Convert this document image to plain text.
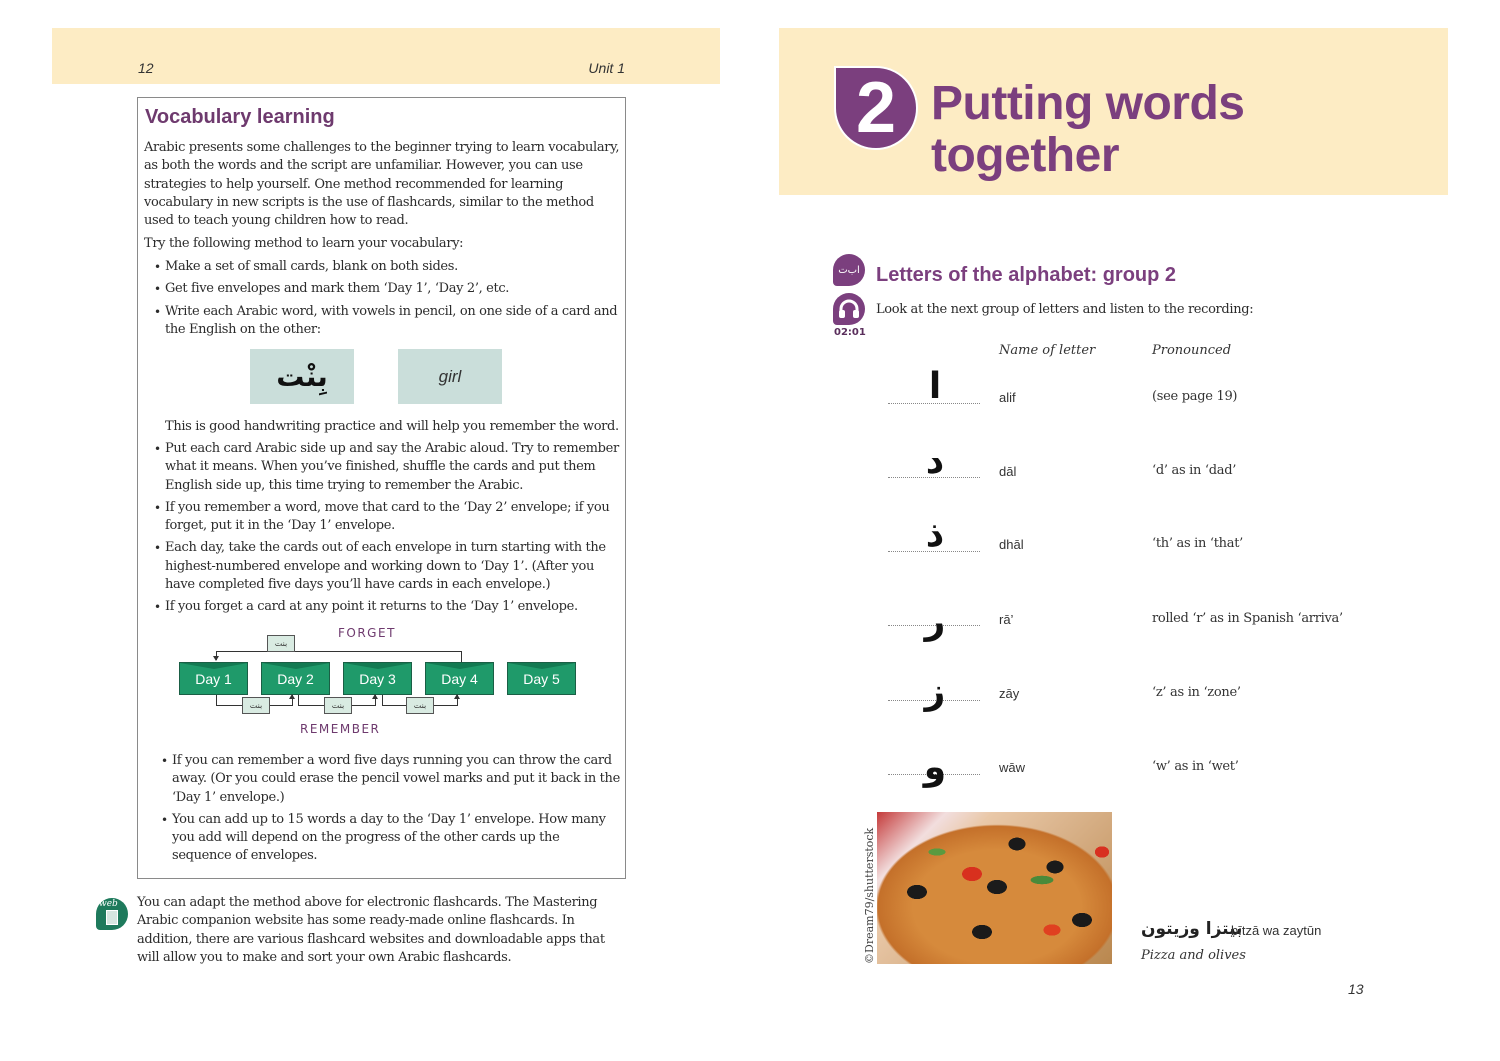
12	Unit 1
Vocabulary learning
Arabic presents some challenges to the beginner trying to learn vocabulary, as both the words and the script are unfamiliar. However, you can use strategies to help yourself. One method recommended for learning vocabulary in new scripts is the use of flashcards, similar to the method used to teach young children how to read.
Try the following method to learn your vocabulary:
• Make a set of small cards, blank on both sides.
• Get five envelopes and mark them ‘Day 1’, ‘Day 2’, etc.
• Write each Arabic word, with vowels in pencil, on one side of a card and the English on the other:
بِنْت	girl
This is good handwriting practice and will help you remember the word.
• Put each card Arabic side up and say the Arabic aloud. Try to remember what it means. When you’ve finished, shuffle the cards and put them English side up, this time trying to remember the Arabic.
• If you remember a word, move that card to the ‘Day 2’ envelope; if you forget, put it in the ‘Day 1’ envelope.
• Each day, take the cards out of each envelope in turn starting with the highest-numbered envelope and working down to ‘Day 1’. (After you have completed five days you’ll have cards in each envelope.)
• If you forget a card at any point it returns to the ‘Day 1’ envelope.
FORGET
REMEMBER
بنت
Day 1	Day 2	Day 3	Day 4	Day 5
بنت	بنت	بنت
• If you can remember a word five days running you can throw the card away. (Or you could erase the pencil vowel marks and put it back in the ‘Day 1’ envelope.)
• You can add up to 15 words a day to the ‘Day 1’ envelope. How many you add will depend on the progress of the other cards up the sequence of envelopes.
web You can adapt the method above for electronic flashcards. The Mastering Arabic companion website has some ready-made online flashcards. In addition, there are various flashcard websites and downloadable apps that will allow you to make and sort your own Arabic flashcards.
2 Putting words together
اب‌ت Letters of the alphabet: group 2
02:01
Look at the next group of letters and listen to the recording:
Name of letter	Pronounced
ا	alif	(see page 19)
د	dāl	‘d’ as in ‘dad’
ذ	dhāl	‘th’ as in ‘that’
ر	rā’	rolled ‘r’ as in Spanish ‘arriva’
ز	zāy	‘z’ as in ‘zone’
و	wāw	‘w’ as in ‘wet’
©Dream79/shutterstock	بيتزا وزيتون
bītzā wa zaytūn
Pizza and olives
13
